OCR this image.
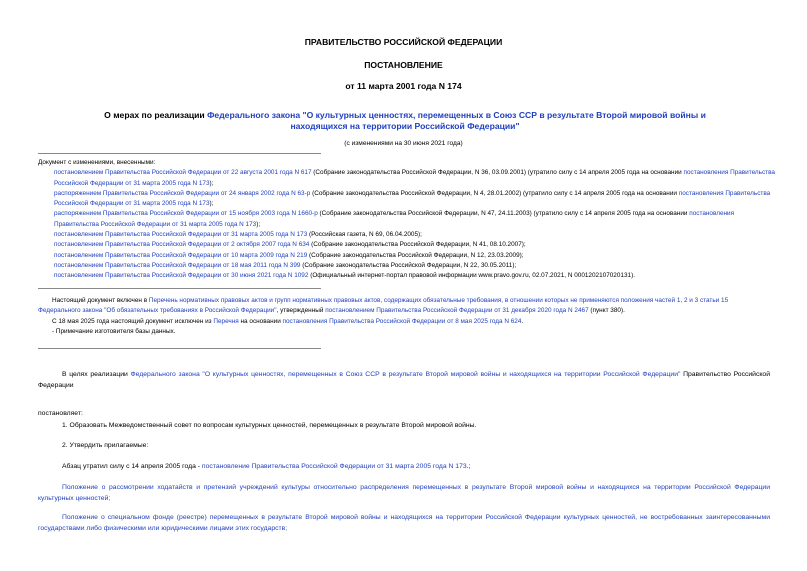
ПРАВИТЕЛЬСТВО РОССИЙСКОЙ ФЕДЕРАЦИИ
ПОСТАНОВЛЕНИЕ
от 11 марта 2001 года N 174
О мерах по реализации Федерального закона "О культурных ценностях, перемещенных в Союз ССР в результате Второй мировой войны и находящихся на территории Российской Федерации"
(с изменениями на 30 июня 2021 года)

Документ с изменениями, внесенными:

постановлением Правительства Российской Федерации от 22 августа 2001 года N 617 (Собрание законодательства Российской Федерации, N 36, 03.09.2001) (утратило силу с 14 апреля 2005 года на основании постановления Правительства Российской Федерации от 31 марта 2005 года N 173);

распоряжением Правительства Российской Федерации от 24 января 2002 года N 63-р (Собрание законодательства Российской Федерации, N 4, 28.01.2002) (утратило силу с 14 апреля 2005 года на основании постановления Правительства Российской Федерации от 31 марта 2005 года N 173);

распоряжением Правительства Российской Федерации от 15 ноября 2003 года N 1660-р (Собрание законодательства Российской Федерации, N 47, 24.11.2003) (утратило силу с 14 апреля 2005 года на основании постановления Правительства Российской Федерации от 31 марта 2005 года N 173);

постановлением Правительства Российской Федерации от 31 марта 2005 года N 173 (Российская газета, N 69, 06.04.2005);

постановлением Правительства Российской Федерации от 2 октября 2007 года N 634 (Собрание законодательства Российской Федерации, N 41, 08.10.2007);

постановлением Правительства Российской Федерации от 10 марта 2009 года N 219 (Собрание законодательства Российской Федерации, N 12, 23.03.2009);

постановлением Правительства Российской Федерации от 18 мая 2011 года N 399 (Собрание законодательства Российской Федерации, N 22, 30.05.2011);

постановлением Правительства Российской Федерации от 30 июня 2021 года N 1092 (Официальный интернет-портал правовой информации www.pravo.gov.ru, 02.07.2021, N 0001202107020131).

Настоящий документ включен в Перечень нормативных правовых актов и групп нормативных правовых актов, содержащих обязательные требования, в отношении которых не применяются положения частей 1, 2 и 3 статьи 15 Федерального закона "Об обязательных требованиях в Российской Федерации", утвержденный постановлением Правительства Российской Федерации от 31 декабря 2020 года N 2467 (пункт 380).

С 18 мая 2025 года настоящий документ исключен из Перечня на основании постановления Правительства Российской Федерации от 8 мая 2025 года N 624.

- Примечание изготовителя базы данных.

В целях реализации Федерального закона "О культурных ценностях, перемещенных в Союз ССР в результате Второй мировой войны и находящихся на территории Российской Федерации" Правительство Российской Федерации

постановляет:

1. Образовать Межведомственный совет по вопросам культурных ценностей, перемещенных в результате Второй мировой войны.

2. Утвердить прилагаемые:

Абзац утратил силу с 14 апреля 2005 года - постановление Правительства Российской Федерации от 31 марта 2005 года N 173.;

Положение о рассмотрении ходатайств и претензий учреждений культуры относительно распределения перемещенных в результате Второй мировой войны и находящихся на территории Российской Федерации культурных ценностей;

Положение о специальном фонде (реестре) перемещенных в результате Второй мировой войны и находящихся на территории Российской Федерации культурных ценностей, не востребованных заинтересованными государствами либо физическими или юридическими лицами этих государств;
